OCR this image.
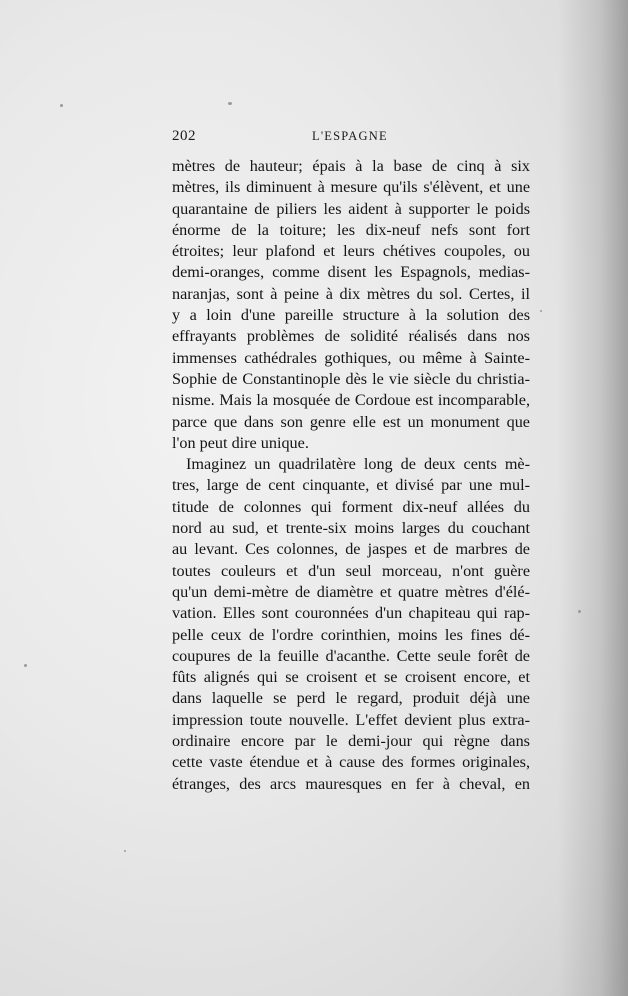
202	L'ESPAGNE
mètres de hauteur; épais à la base de cinq à six
mètres, ils diminuent à mesure qu'ils s'élèvent, et une
quarantaine de piliers les aident à supporter le poids
énorme de la toiture; les dix-neuf nefs sont fort
étroites; leur plafond et leurs chétives coupoles, ou
demi-oranges, comme disent les Espagnols, medias-
naranjas, sont à peine à dix mètres du sol. Certes, il
y a loin d'une pareille structure à la solution des
effrayants problèmes de solidité réalisés dans nos
immenses cathédrales gothiques, ou même à Sainte-
Sophie de Constantinople dès le vie siècle du christia-
nisme. Mais la mosquée de Cordoue est incomparable,
parce que dans son genre elle est un monument que
l'on peut dire unique.
Imaginez un quadrilatère long de deux cents mè-
tres, large de cent cinquante, et divisé par une mul-
titude de colonnes qui forment dix-neuf allées du
nord au sud, et trente-six moins larges du couchant
au levant. Ces colonnes, de jaspes et de marbres de
toutes couleurs et d'un seul morceau, n'ont guère
qu'un demi-mètre de diamètre et quatre mètres d'élé-
vation. Elles sont couronnées d'un chapiteau qui rap-
pelle ceux de l'ordre corinthien, moins les fines dé-
coupures de la feuille d'acanthe. Cette seule forêt de
fûts alignés qui se croisent et se croisent encore, et
dans laquelle se perd le regard, produit déjà une
impression toute nouvelle. L'effet devient plus extra-
ordinaire encore par le demi-jour qui règne dans
cette vaste étendue et à cause des formes originales,
étranges, des arcs mauresques en fer à cheval, en
